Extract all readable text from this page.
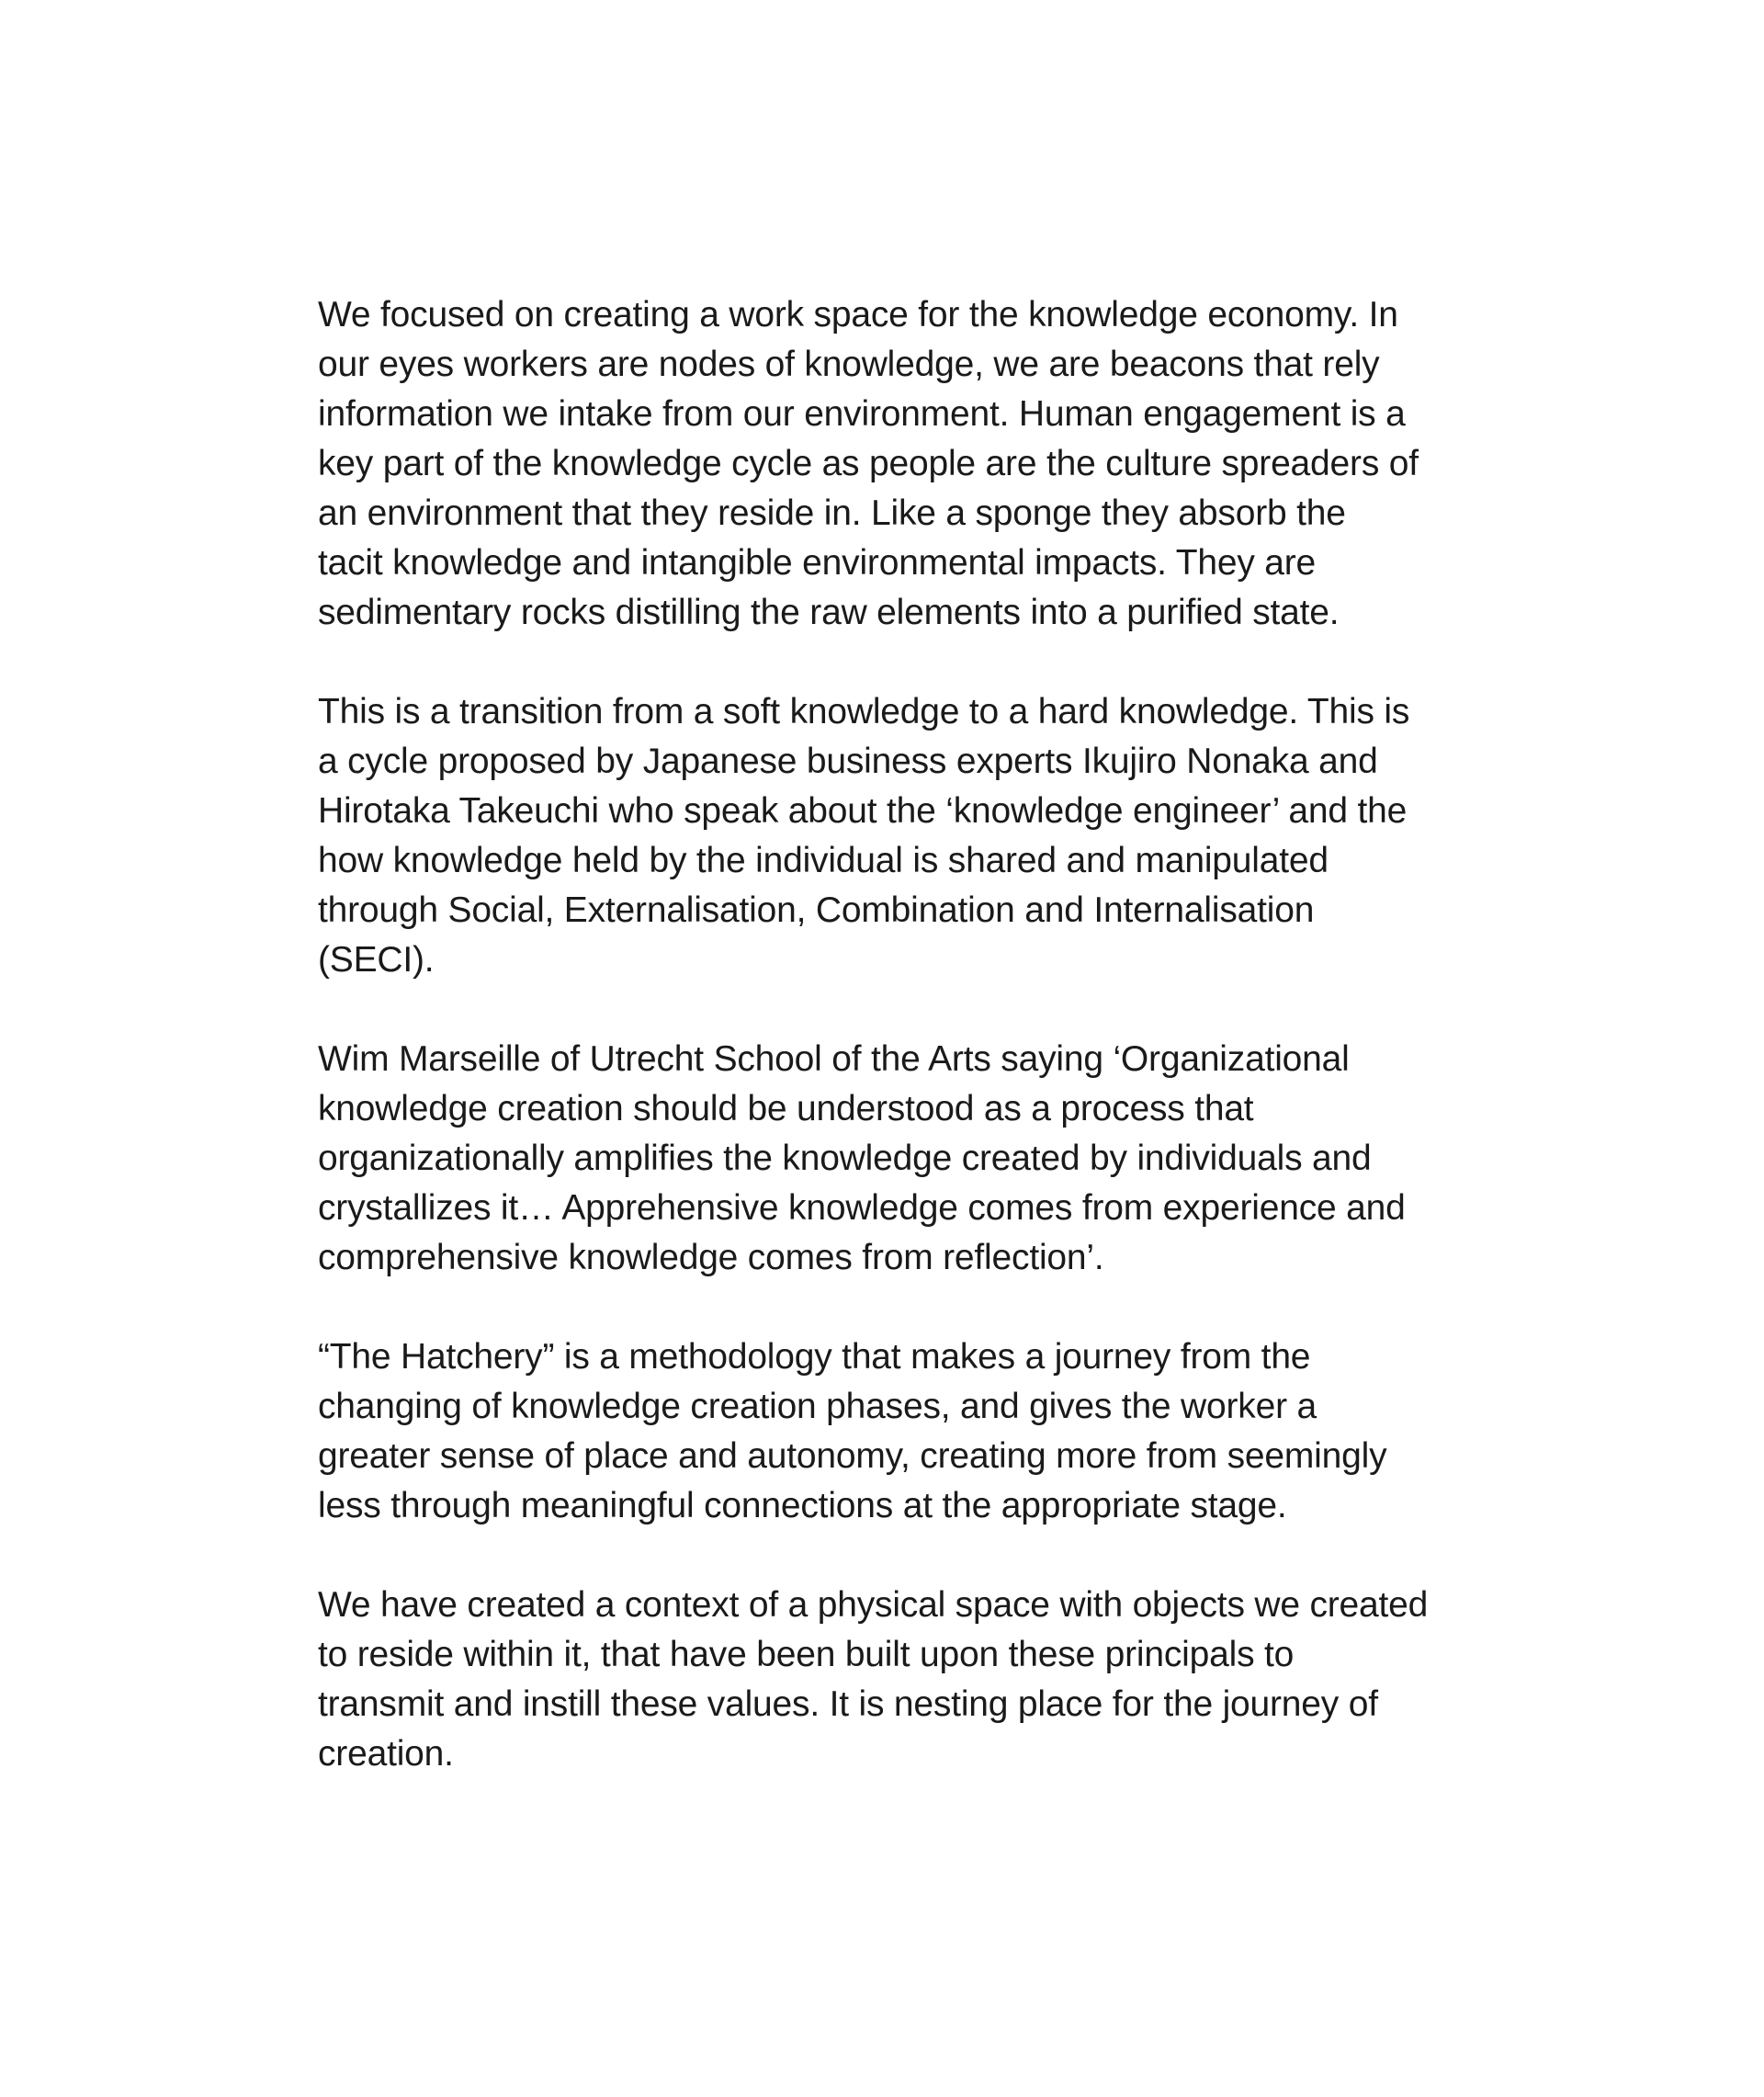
We focused on creating a work space for the knowledge economy. In
our eyes workers are nodes of knowledge, we are beacons that rely
information we intake from our environment. Human engagement is a
key part of the knowledge cycle as people are the culture spreaders of
an environment that they reside in. Like a sponge they absorb the
tacit knowledge and intangible environmental impacts. They are
sedimentary rocks distilling the raw elements into a purified state.

This is a transition from a soft knowledge to a hard knowledge. This is
a cycle proposed by Japanese business experts Ikujiro Nonaka and
Hirotaka Takeuchi who speak about the ‘knowledge engineer’ and the
how knowledge held by the individual is shared and manipulated
through Social, Externalisation, Combination and Internalisation
(SECI).

Wim Marseille of Utrecht School of the Arts saying ‘Organizational
knowledge creation should be understood as a process that
organizationally amplifies the knowledge created by individuals and
crystallizes it… Apprehensive knowledge comes from experience and
comprehensive knowledge comes from reflection’.

“The Hatchery” is a methodology that makes a journey from the
changing of knowledge creation phases, and gives the worker a
greater sense of place and autonomy, creating more from seemingly
less through meaningful connections at the appropriate stage.

We have created a context of a physical space with objects we created
to reside within it, that have been built upon these principals to
transmit and instill these values. It is nesting place for the journey of
creation.
